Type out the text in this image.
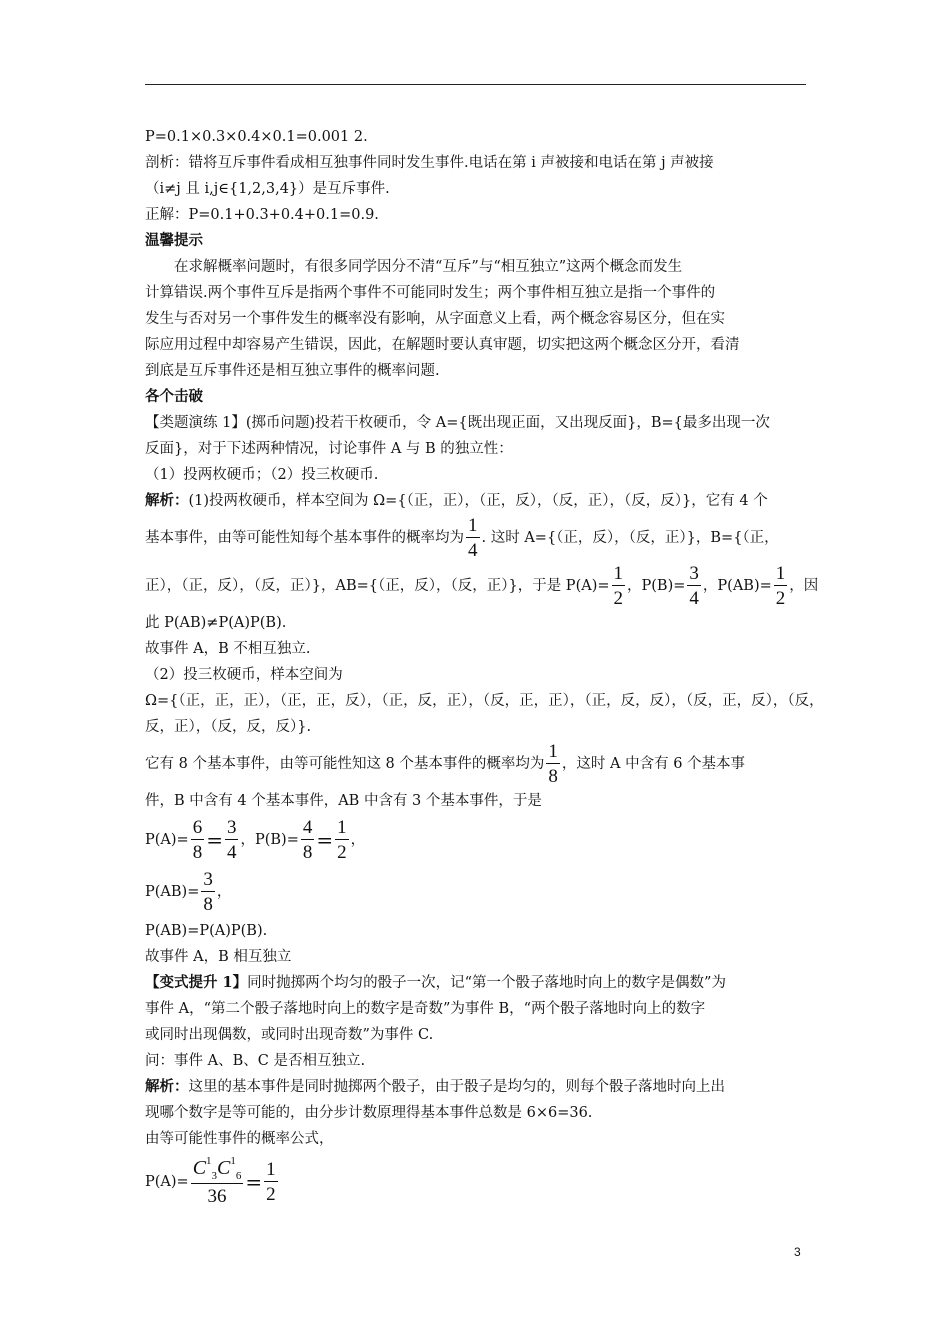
P=0.1×0.3×0.4×0.1=0.001 2.

剖析：错将互斥事件看成相互独事件同时发生事件.电话在第 i 声被接和电话在第 j 声被接

（i≠j 且 i,j∈{1,2,3,4}）是互斥事件.

正解：P=0.1+0.3+0.4+0.1=0.9.

温馨提示

在求解概率问题时，有很多同学因分不清“互斥”与“相互独立”这两个概念而发生

计算错误.两个事件互斥是指两个事件不可能同时发生；两个事件相互独立是指一个事件的

发生与否对另一个事件发生的概率没有影响，从字面意义上看，两个概念容易区分，但在实

际应用过程中却容易产生错误，因此，在解题时要认真审题，切实把这两个概念区分开，看清

到底是互斥事件还是相互独立事件的概率问题.

各个击破

【类题演练 1】(掷币问题)投若干枚硬币，令 A={既出现正面，又出现反面}，B={最多出现一次

反面}，对于下述两种情况，讨论事件 A 与 B 的独立性：

（1）投两枚硬币；（2）投三枚硬币.

解析：(1)投两枚硬币，样本空间为 Ω={（正，正），（正，反），（反，正），（反，反）}，它有 4 个

基本事件，由等可能性知每个基本事件的概率均为 $\frac{1}{4}$ . 这时 A={（正，反），（反，正）}，B={（正，

正），（正，反），（反，正）}，AB={（正，反），（反，正）}，于是 $P(A)= \frac{1}{2}$ ，$P(B)= \frac{3}{4}$ ，$P(AB)= \frac{1}{2}$ ，因

此 P(AB)≠P(A)P(B).

故事件 A，B 不相互独立.

（2）投三枚硬币，样本空间为

Ω={（正，正，正），（正，正，反），（正，反，正），（反，正，正），（正，反，反），（反，正，反），（反，

反，正），（反，反，反）}.

它有 8 个基本事件，由等可能性知这 8 个基本事件的概率均为 $\frac{1}{8}$ ，这时 A 中含有 6 个基本事

件，B 中含有 4 个基本事件，AB 中含有 3 个基本事件，于是

$P(A)= \frac{6}{8} = \frac{3}{4}$ ，$P(B)= \frac{4}{8} = \frac{1}{2}$ ，

$P(AB)= \frac{3}{8}$ ，

P(AB)=P(A)P(B).

故事件 A，B 相互独立

【变式提升 1】同时抛掷两个均匀的骰子一次，记“第一个骰子落地时向上的数字是偶数”为

事件 A，“第二个骰子落地时向上的数字是奇数”为事件 B，“两个骰子落地时向上的数字

或同时出现偶数，或同时出现奇数”为事件 C.

问：事件 A、B、C 是否相互独立.

解析：这里的基本事件是同时抛掷两个骰子，由于骰子是均匀的，则每个骰子落地时向上出

现哪个数字是等可能的，由分步计数原理得基本事件总数是 6×6=36.

由等可能性事件的概率公式，

$P(A)= \frac{C^1_3C^1_6}{36} = \frac{1}{2}$

3
